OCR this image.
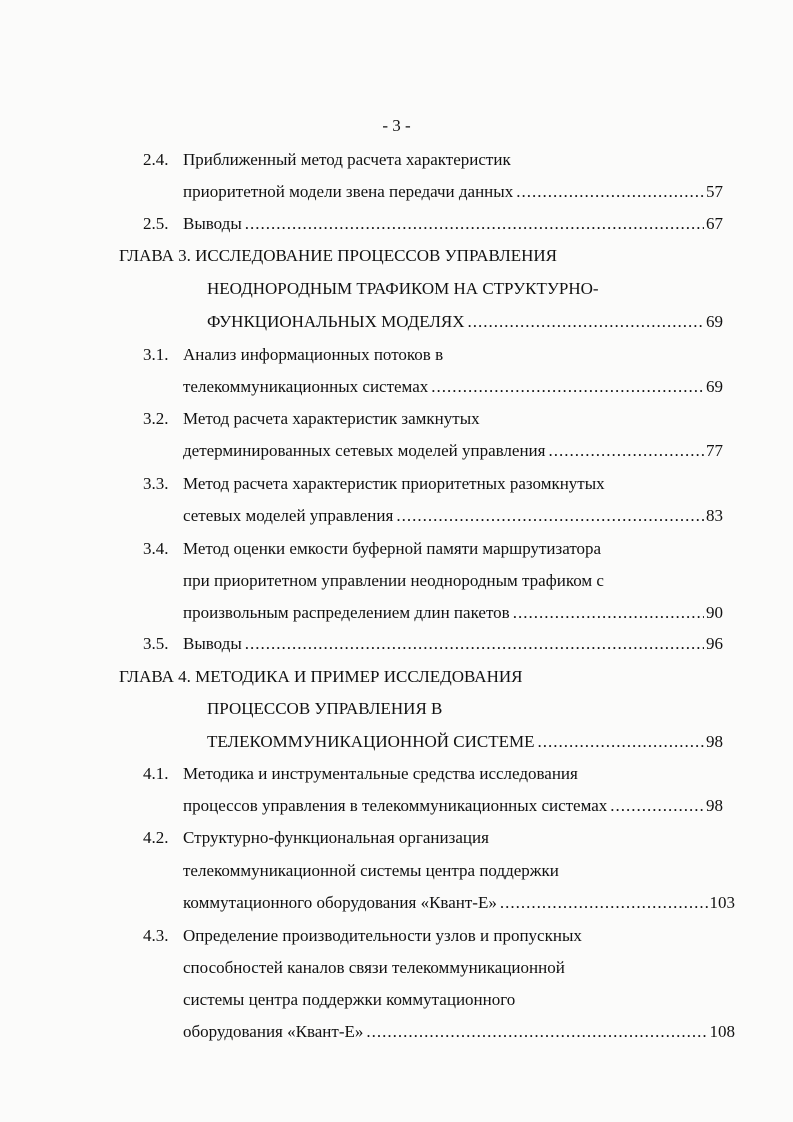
- 3 -
2.4. Приближенный метод расчета характеристик
приоритетной модели звена передачи данных .....	57
2.5. Выводы .....	67
ГЛАВА 3.
ИССЛЕДОВАНИЕ ПРОЦЕССОВ УПРАВЛЕНИЯ
НЕОДНОРОДНЫМ ТРАФИКОМ НА СТРУКТУРНО-
ФУНКЦИОНАЛЬНЫХ МОДЕЛЯХ .....	69
3.1. Анализ информационных потоков в
телекоммуникационных системах .....	69
3.2. Метод расчета характеристик замкнутых
детерминированных сетевых моделей управления .....	77
3.3. Метод расчета характеристик приоритетных разомкнутых
сетевых моделей управления .....	83
3.4. Метод оценки емкости буферной памяти маршрутизатора
при приоритетном управлении неоднородным трафиком с
произвольным распределением длин пакетов .....	90
3.5. Выводы .....	96
ГЛАВА 4.
МЕТОДИКА И ПРИМЕР ИССЛЕДОВАНИЯ
ПРОЦЕССОВ УПРАВЛЕНИЯ В
ТЕЛЕКОММУНИКАЦИОННОЙ СИСТЕМЕ .....	98
4.1. Методика и инструментальные средства исследования
процессов управления в телекоммуникационных системах .....	98
4.2. Структурно-функциональная организация
телекоммуникационной системы центра поддержки
коммутационного оборудования «Квант-Е» .....	103
4.3. Определение производительности узлов и пропускных
способностей каналов связи телекоммуникационной
системы центра поддержки коммутационного
оборудования «Квант-Е» .....	108
